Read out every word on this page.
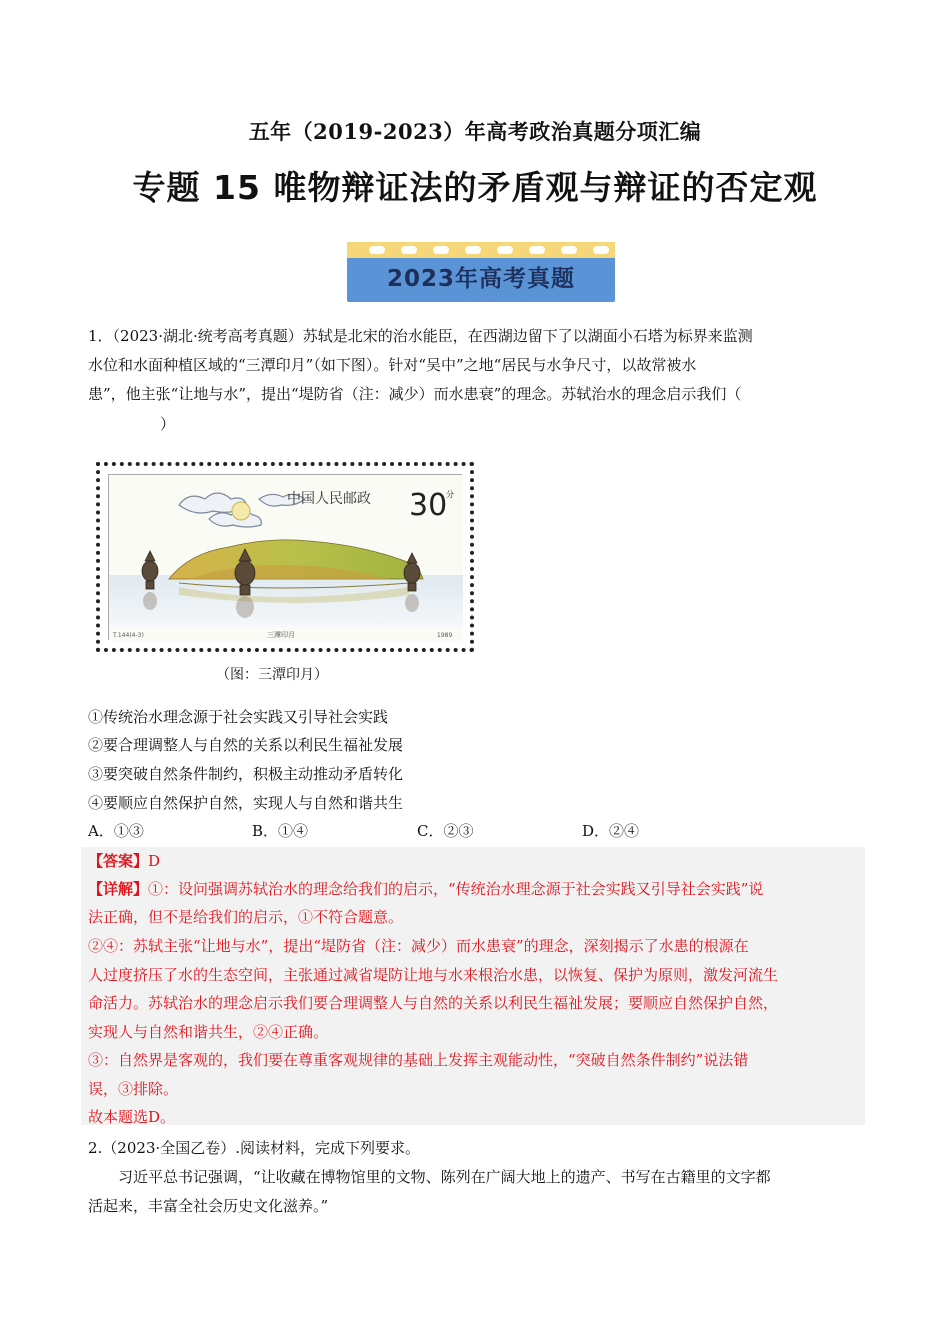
五年（2019-2023）年高考政治真题分项汇编
专题 15 唯物辩证法的矛盾观与辩证的否定观
2023年高考真题
1．（2023·湖北·统考高考真题）苏轼是北宋的治水能臣，在西湖边留下了以湖面小石塔为标界来监测
水位和水面种植区域的“三潭印月”（如下图）。针对“吴中”之地“居民与水争尺寸，以故常被水
患”，他主张“让地与水”，提出“堤防省（注：减少）而水患衰”的理念。苏轼治水的理念启示我们（
　　）
中国人民邮政 30
分
T.144(4-3)	三潭印月	1989
（图：三潭印月）
①传统治水理念源于社会实践又引导社会实践
②要合理调整人与自然的关系以利民生福祉发展
③要突破自然条件制约，积极主动推动矛盾转化
④要顺应自然保护自然，实现人与自然和谐共生
A．①③	B．①④	C．②③	D．②④
【答案】D
【详解】①：设问强调苏轼治水的理念给我们的启示，“传统治水理念源于社会实践又引导社会实践”说
法正确，但不是给我们的启示，①不符合题意。
②④：苏轼主张“让地与水”，提出“堤防省（注：减少）而水患衰”的理念，深刻揭示了水患的根源在
人过度挤压了水的生态空间，主张通过减省堤防让地与水来根治水患，以恢复、保护为原则，激发河流生
命活力。苏轼治水的理念启示我们要合理调整人与自然的关系以利民生福祉发展；要顺应自然保护自然，
实现人与自然和谐共生，②④正确。
③：自然界是客观的，我们要在尊重客观规律的基础上发挥主观能动性，“突破自然条件制约”说法错
误，③排除。
故本题选D。
2.（2023·全国乙卷）.阅读材料，完成下列要求。
　　习近平总书记强调，“让收藏在博物馆里的文物、陈列在广阔大地上的遗产、书写在古籍里的文字都
活起来，丰富全社会历史文化滋养。”
